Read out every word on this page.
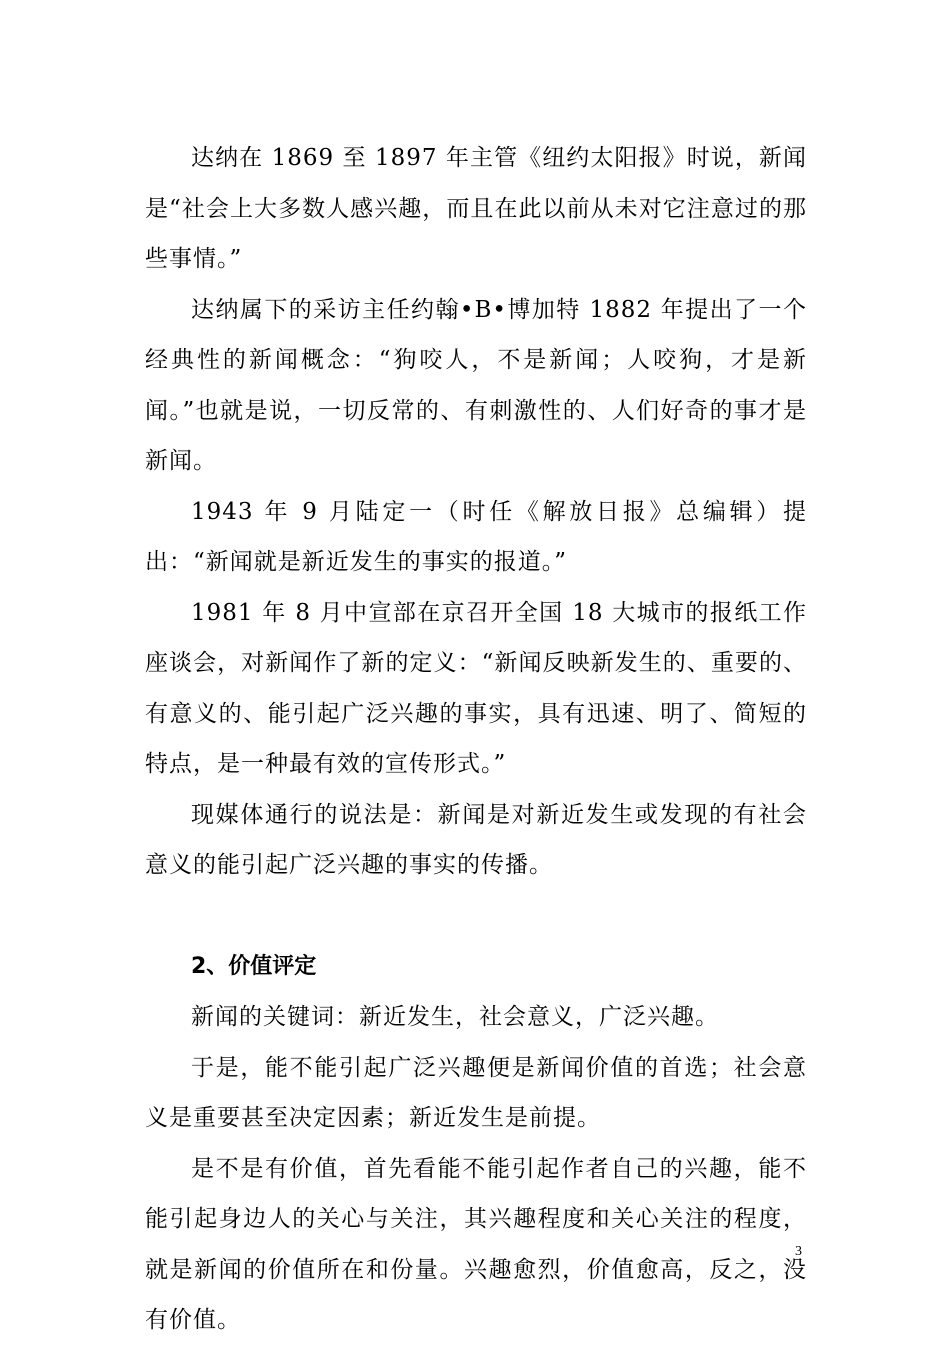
达纳在 1869 至 1897 年主管《纽约太阳报》时说，新闻是“社会上大多数人感兴趣，而且在此以前从未对它注意过的那些事情。”

达纳属下的采访主任约翰•B•博加特 1882 年提出了一个经典性的新闻概念：“狗咬人，不是新闻；人咬狗，才是新闻。”也就是说，一切反常的、有刺激性的、人们好奇的事才是新闻。

1943 年 9 月陆定一（时任《解放日报》总编辑）提出：“新闻就是新近发生的事实的报道。”

1981 年 8 月中宣部在京召开全国 18 大城市的报纸工作座谈会，对新闻作了新的定义：“新闻反映新发生的、重要的、有意义的、能引起广泛兴趣的事实，具有迅速、明了、简短的特点，是一种最有效的宣传形式。”

现媒体通行的说法是：新闻是对新近发生或发现的有社会意义的能引起广泛兴趣的事实的传播。

2、价值评定

新闻的关键词：新近发生，社会意义，广泛兴趣。

于是，能不能引起广泛兴趣便是新闻价值的首选；社会意义是重要甚至决定因素；新近发生是前提。

是不是有价值，首先看能不能引起作者自己的兴趣，能不能引起身边人的关心与关注，其兴趣程度和关心关注的程度，就是新闻的价值所在和份量。兴趣愈烈，价值愈高，反之，没有价值。

3
